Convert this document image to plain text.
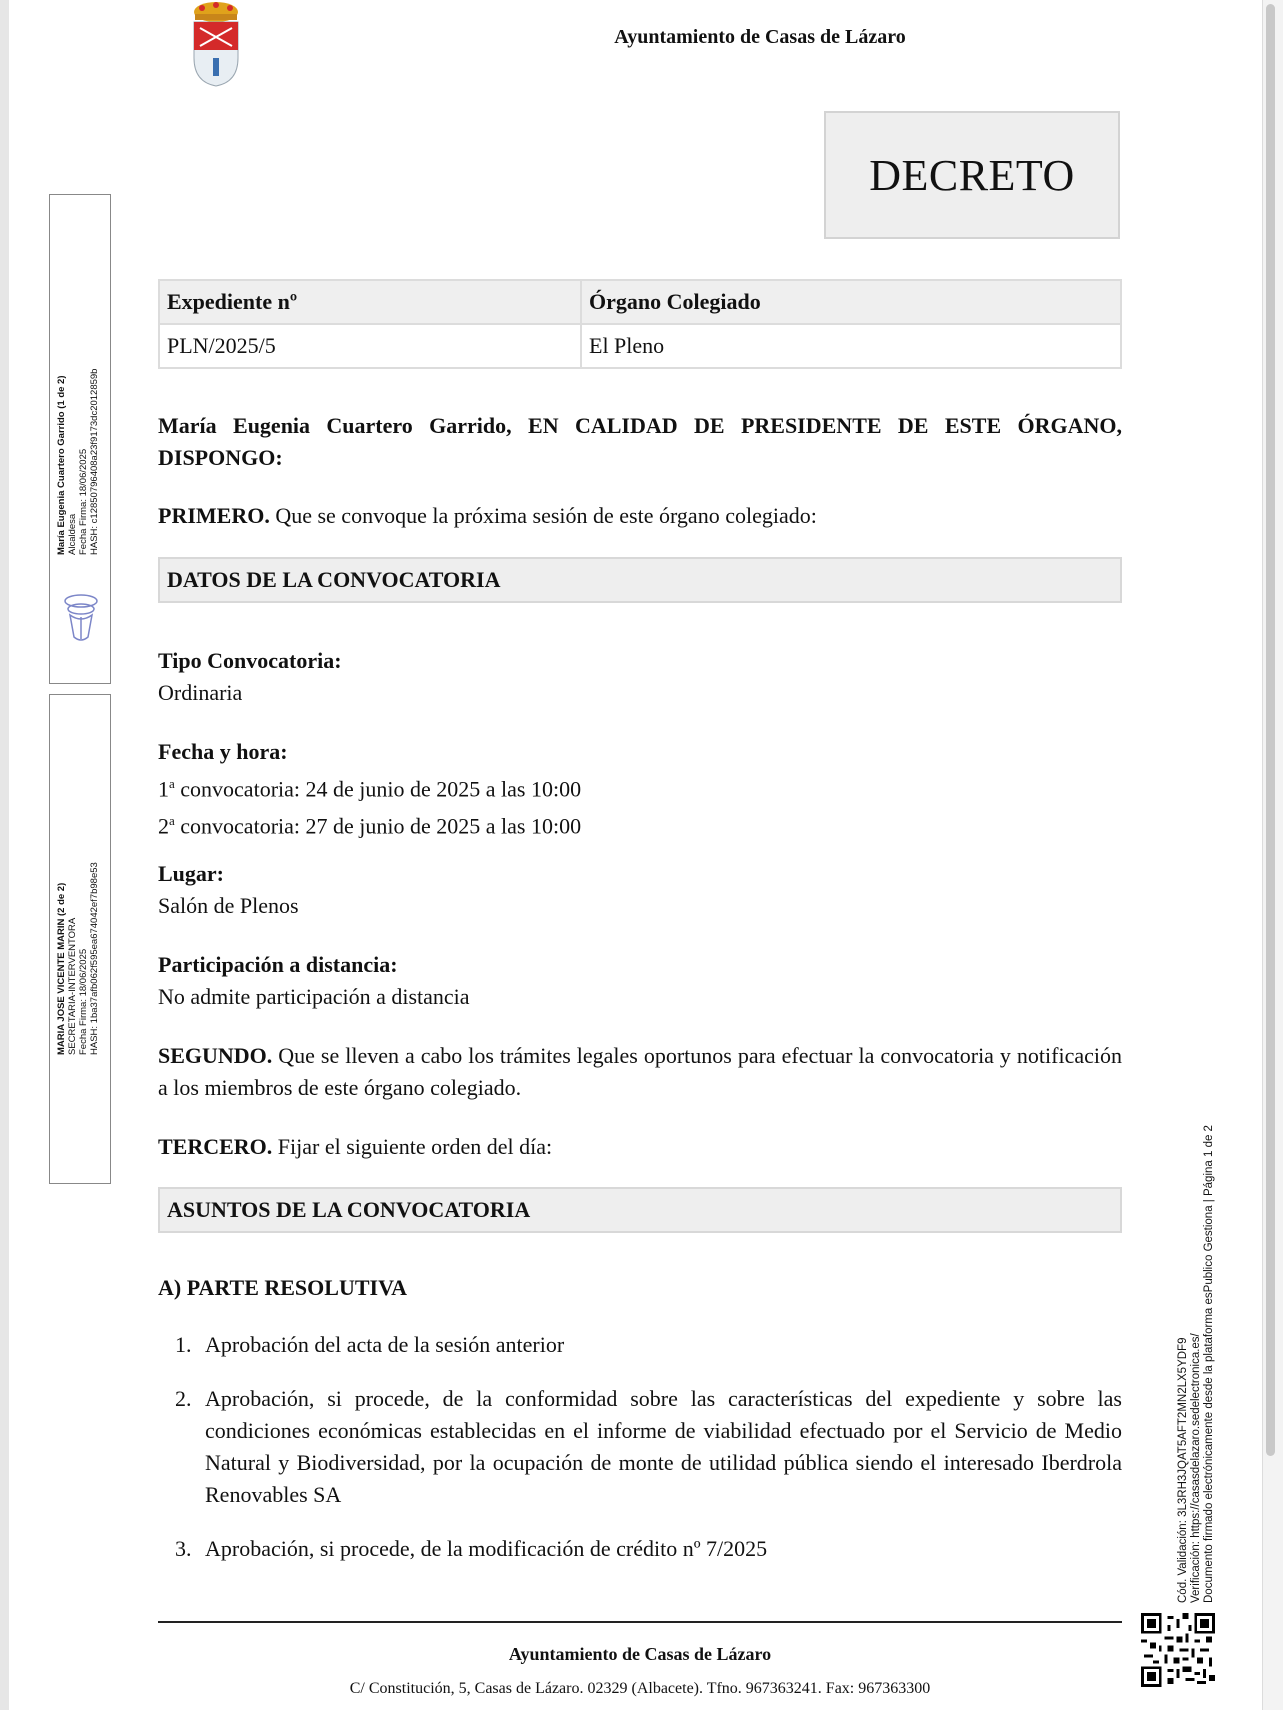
Ayuntamiento de Casas de Lázaro
DECRETO
Expediente nº	Órgano Colegiado
PLN/2025/5	El Pleno
María Eugenia Cuartero Garrido, EN CALIDAD DE PRESIDENTE DE ESTE ÓRGANO, DISPONGO:
PRIMERO. Que se convoque la próxima sesión de este órgano colegiado:
DATOS DE LA CONVOCATORIA
Tipo Convocatoria:
Ordinaria
Fecha y hora:
1$^a$ convocatoria: 24 de junio de 2025 a las 10:00
2$^a$ convocatoria: 27 de junio de 2025 a las 10:00
Lugar:
Salón de Plenos
Participación a distancia:
No admite participación a distancia
SEGUNDO. Que se lleven a cabo los trámites legales oportunos para efectuar la convocatoria y notificación a los miembros de este órgano colegiado.
TERCERO. Fijar el siguiente orden del día:
ASUNTOS DE LA CONVOCATORIA
A) PARTE RESOLUTIVA
1. Aprobación del acta de la sesión anterior
2. Aprobación, si procede, de la conformidad sobre las características del expediente y sobre las condiciones económicas establecidas en el informe de viabilidad efectuado por el Servicio de Medio Natural y Biodiversidad, por la ocupación de monte de utilidad pública siendo el interesado Iberdrola Renovables SA
3. Aprobación, si procede, de la modificación de crédito nº 7/2025
Ayuntamiento de Casas de Lázaro
C/ Constitución, 5, Casas de Lázaro. 02329 (Albacete). Tfno. 967363241. Fax: 967363300
María Eugenia Cuartero Garrido (1 de 2) Alcaldesa Fecha Firma: 18/06/2025 HASH: c12850796408a23f9173dc2012859b
MARIA JOSE VICENTE MARIN (2 de 2) SECRETARIA-INTERVENTORA Fecha Firma: 18/06/2025 HASH: 1ba37afb062f595ea674042ef7b98e53
Cód. Validación: 3L3RH3JQAT5AFT2MN2LX5YDF9 Verificación: https://casasdelazaro.sedelectronica.es/ Documento firmado electrónicamente desde la plataforma esPublico Gestiona | Página 1 de 2
